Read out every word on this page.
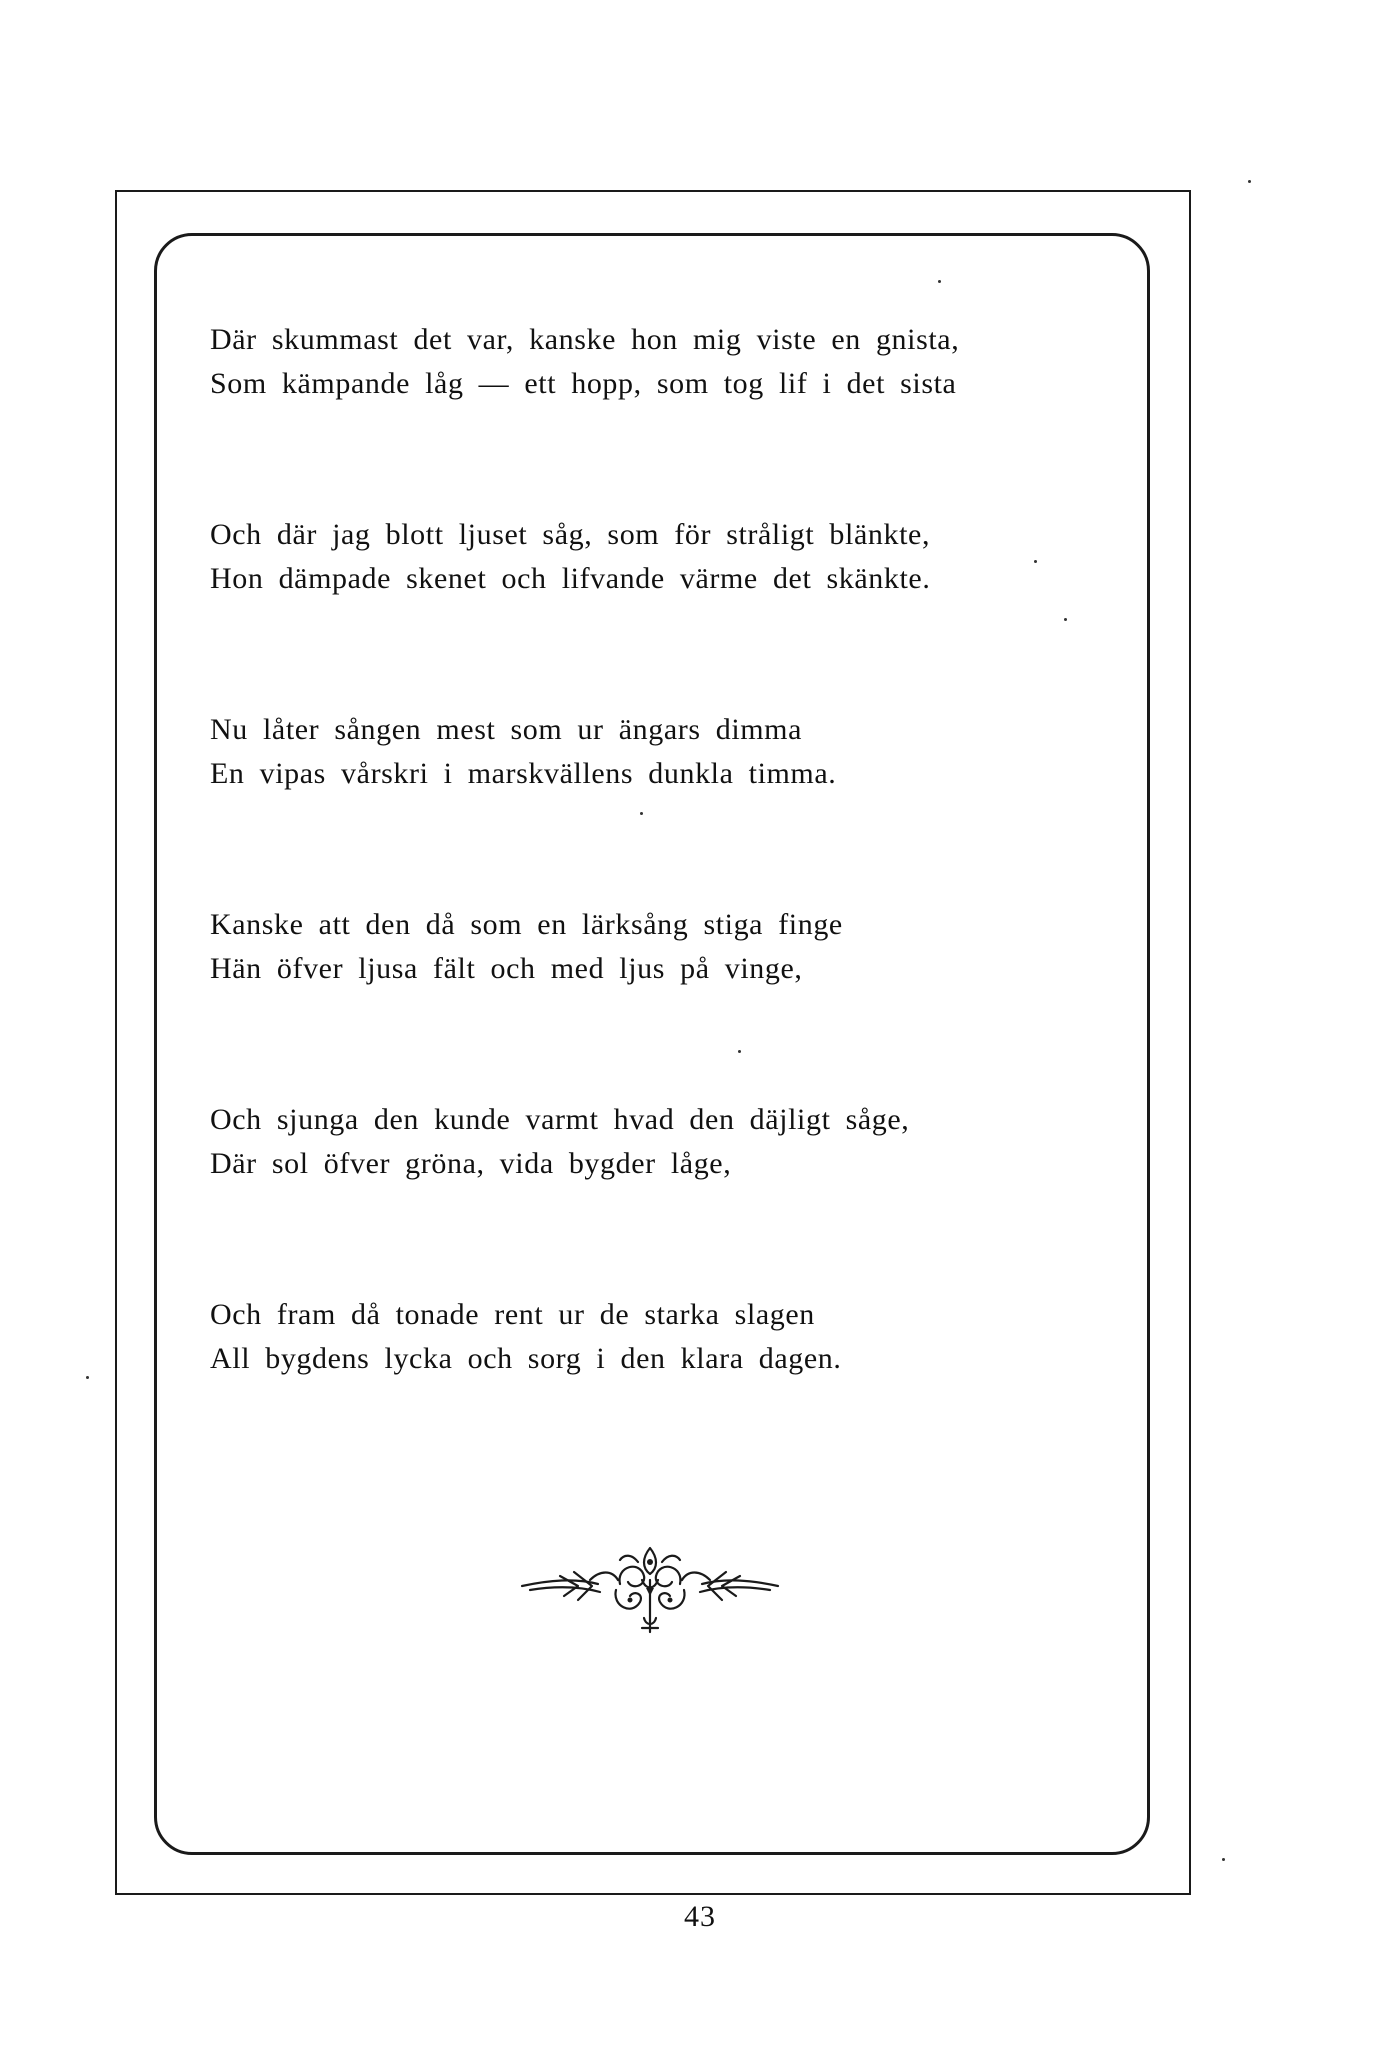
Där skummast det var, kanske hon mig viste en gnista,
Som kämpande låg — ett hopp, som tog lif i det sista
Och där jag blott ljuset såg, som för stråligt blänkte,
Hon dämpade skenet och lifvande värme det skänkte.
Nu låter sången mest som ur ängars dimma
En vipas vårskri i marskvällens dunkla timma.
Kanske att den då som en lärksång stiga finge
Hän öfver ljusa fält och med ljus på vinge,
Och sjunga den kunde varmt hvad den däjligt såge,
Där sol öfver gröna, vida bygder låge,
Och fram då tonade rent ur de starka slagen
All bygdens lycka och sorg i den klara dagen.
43
